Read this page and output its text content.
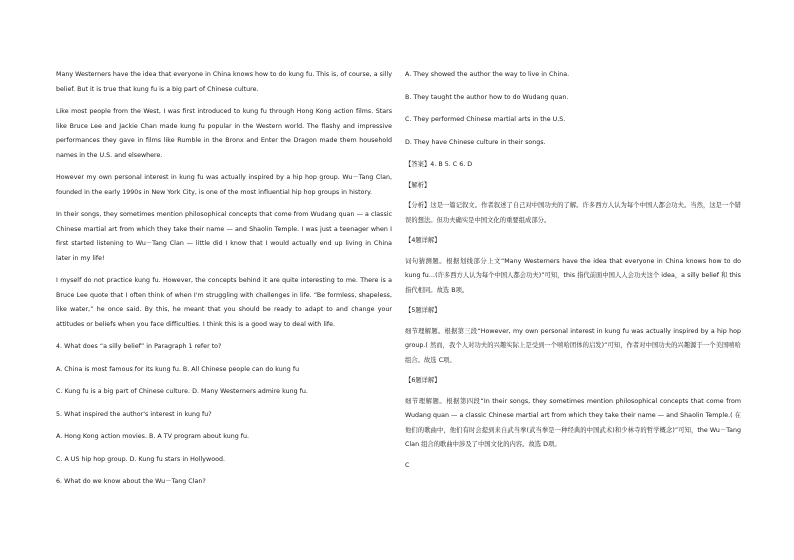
Many Westerners have the idea that everyone in China knows how to do kung fu. This is, of course, a silly belief. But it is true that kung fu is a big part of Chinese culture.

Like most people from the West, I was first introduced to kung fu through Hong Kong action films. Stars like Bruce Lee and Jackie Chan made kung fu popular in the Western world. The flashy and impressive performances they gave in films like Rumble in the Bronx and Enter the Dragon made them household names in the U.S. and elsewhere.

However my own personal interest in kung fu was actually inspired by a hip hop group. Wu－Tang Clan, founded in the early 1990s in New York City, is one of the most influential hip hop groups in history.

In their songs, they sometimes mention philosophical concepts that come from Wudang quan — a classic Chinese martial art from which they take their name — and Shaolin Temple. I was just a teenager when I first started listening to Wu－Tang Clan — little did I know that I would actually end up living in China later in my life!

I myself do not practice kung fu. However, the concepts behind it are quite interesting to me. There is a Bruce Lee quote that I often think of when I'm struggling with challenges in life. “Be formless, shapeless, like water,” he once said. By this, he meant that you should be ready to adapt to and change your attitudes or beliefs when you face difficulties. I think this is a good way to deal with life.

4. What does “a silly belief” in Paragraph 1 refer to?

A. China is most famous for its kung fu. B. All Chinese people can do kung fu

C. Kung fu is a big part of Chinese culture. D. Many Westerners admire kung fu.

5. What inspired the author's interest in kung fu?

A. Hong Kong action movies. B. A TV program about kung fu.

C. A US hip hop group. D. Kung fu stars in Hollywood.

6. What do we know about the Wu－Tang Clan?

A. They showed the author the way to live in China.

B. They taught the author how to do Wudang quan.

C. They performed Chinese martial arts in the U.S.

D. They have Chinese culture in their songs.

【答案】4. B 5. C 6. D

【解析】

【分析】这是一篇记叙文。作者叙述了自己对中国功夫的了解。许多西方人认为每个中国人都会功夫。当然，这是一个错误的想法。但功夫确实是中国文化的重要组成部分。

【4题详解】

词句猜测题。根据划线部分上文“Many Westerners have the idea that everyone in China knows how to do kung fu…(许多西方人认为每个中国人都会功夫)”可知，this 指代前面中国人人会功夫这个 idea，a silly belief 和 this 指代相同。故选 B项。

【5题详解】

细节理解题。根据第三段“However, my own personal interest in kung fu was actually inspired by a hip hop group.( 然而，我个人对功夫的兴趣实际上是受到一个嘻哈团体的启发)”可知，作者对中国功夫的兴趣源于一个美国嘻哈组合。故选 C项。

【6题详解】

细节理解题。根据第四段“In their songs, they sometimes mention philosophical concepts that come from Wudang quan — a classic Chinese martial art from which they take their name — and Shaolin Temple.( 在他们的歌曲中，他们有时会提到来自武当拳(武当拳是一种经典的中国武术)和少林寺的哲学概念)”可知，the Wu－Tang Clan 组合的歌曲中涉及了中国文化的内容。故选 D项。

C
